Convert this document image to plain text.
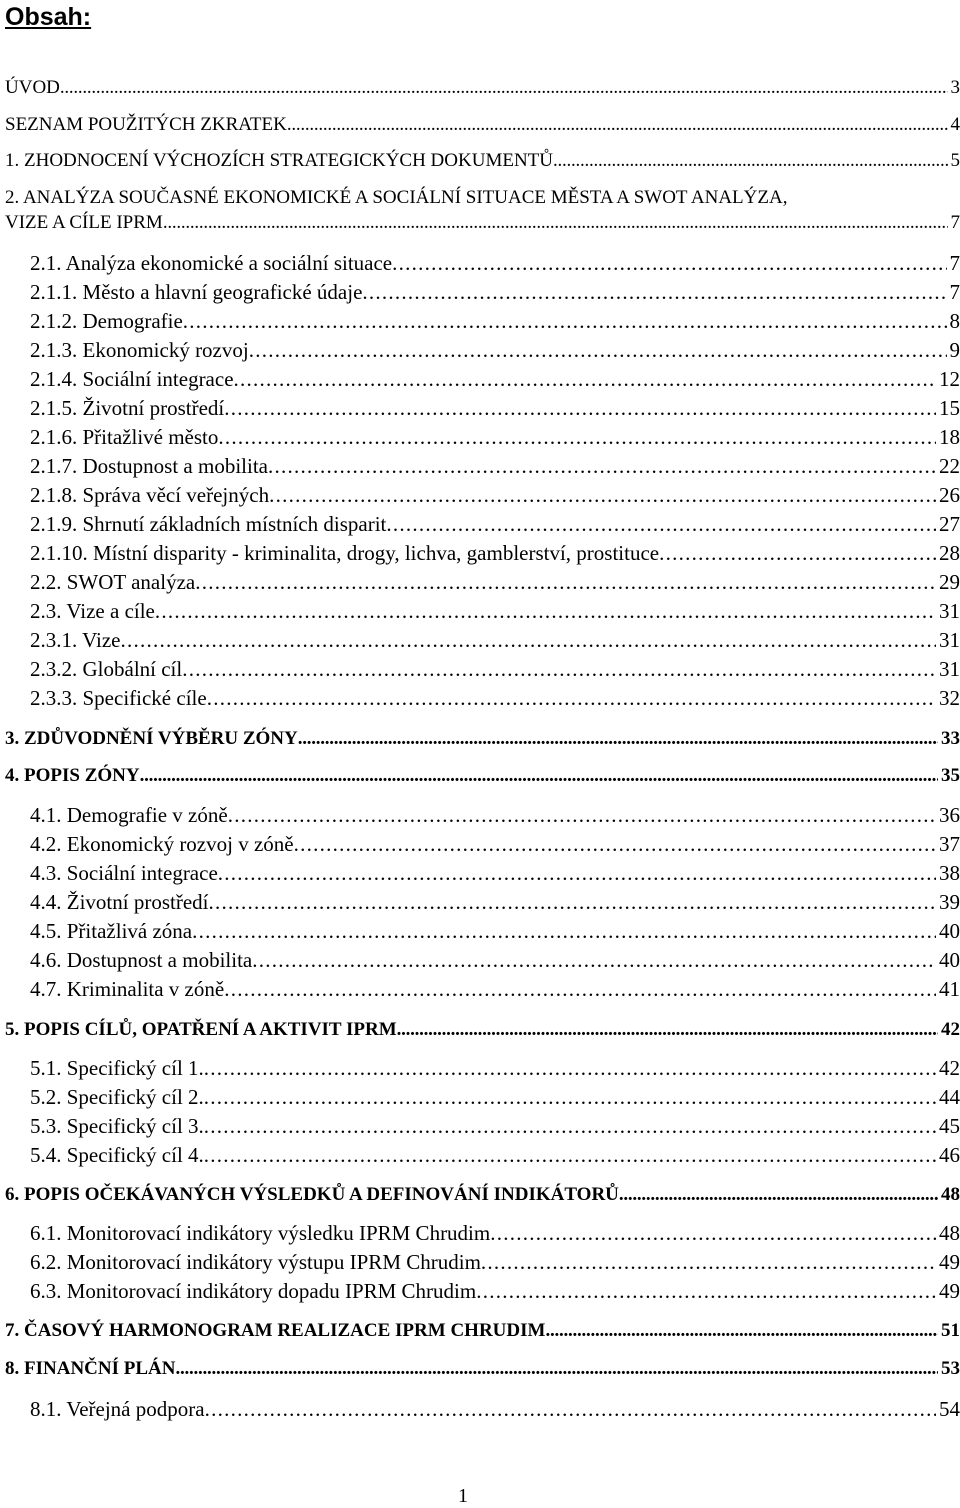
Obsah:
ÚVOD . . .	3
SEZNAM POUŽITÝCH ZKRATEK . . .	4
1. ZHODNOCENÍ VÝCHOZÍCH STRATEGICKÝCH DOKUMENTŮ . . .	5
2. ANALÝZA SOUČASNÉ EKONOMICKÉ A SOCIÁLNÍ SITUACE MĚSTA A SWOT ANALÝZA,
VIZE A CÍLE IPRM . . .	7
2.1. Analýza ekonomické a sociální situace . . .	7
2.1.1. Město a hlavní geografické údaje . . .	7
2.1.2. Demografie . . .	8
2.1.3. Ekonomický rozvoj . . .	9
2.1.4. Sociální integrace . . .	12
2.1.5. Životní prostředí . . .	15
2.1.6. Přitažlivé město . . .	18
2.1.7. Dostupnost a mobilita . . .	22
2.1.8. Správa věcí veřejných . . .	26
2.1.9. Shrnutí základních místních disparit . . .	27
2.1.10. Místní disparity - kriminalita, drogy, lichva, gamblerství, prostituce . . .	28
2.2. SWOT analýza . . .	29
2.3. Vize a cíle . . .	31
2.3.1. Vize . . .	31
2.3.2. Globální cíl . . .	31
2.3.3. Specifické cíle . . .	32
3. ZDŮVODNĚNÍ VÝBĚRU ZÓNY . . .	33
4. POPIS ZÓNY . . .	35
4.1. Demografie v zóně . . .	36
4.2. Ekonomický rozvoj v zóně . . .	37
4.3. Sociální integrace . . .	38
4.4. Životní prostředí . . .	39
4.5. Přitažlivá zóna . . .	40
4.6. Dostupnost a mobilita . . .	40
4.7. Kriminalita v zóně . . .	41
5. POPIS CÍLŮ, OPATŘENÍ A AKTIVIT IPRM . . .	42
5.1. Specifický cíl 1. . . .	42
5.2. Specifický cíl 2. . . .	44
5.3. Specifický cíl 3. . . .	45
5.4. Specifický cíl 4. . . .	46
6. POPIS OČEKÁVANÝCH VÝSLEDKŮ A DEFINOVÁNÍ INDIKÁTORŮ . . .	48
6.1. Monitorovací indikátory výsledku IPRM Chrudim . . .	48
6.2. Monitorovací indikátory výstupu IPRM Chrudim . . .	49
6.3. Monitorovací indikátory dopadu IPRM Chrudim . . .	49
7. ČASOVÝ HARMONOGRAM REALIZACE IPRM CHRUDIM . . .	51
8. FINANČNÍ PLÁN . . .	53
8.1. Veřejná podpora . . .	54
1
